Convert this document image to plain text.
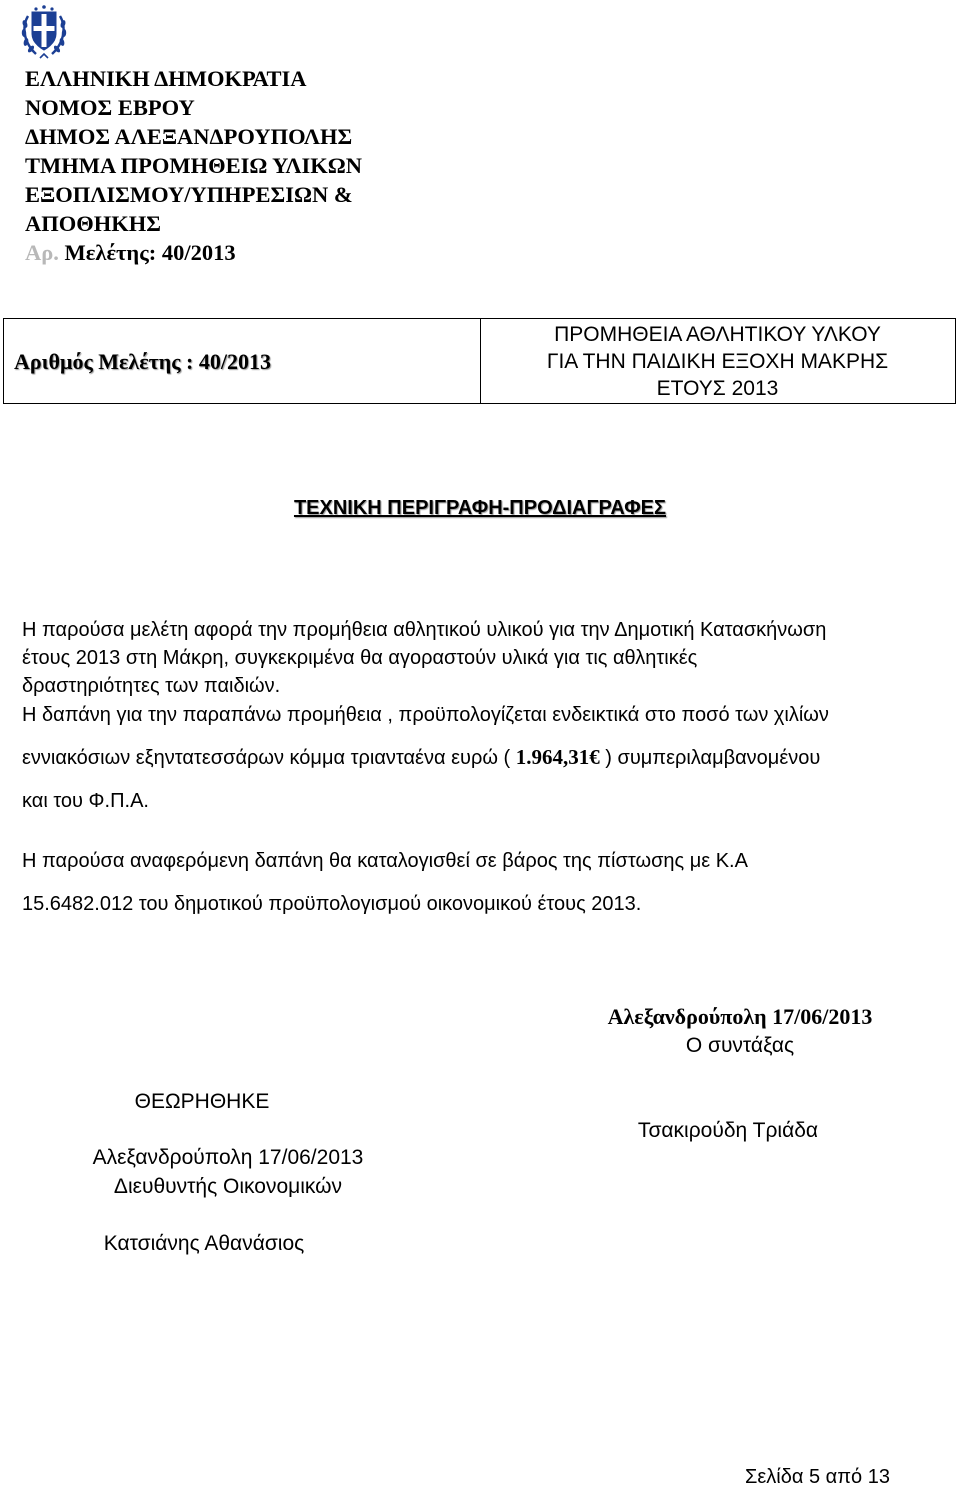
ΕΛΛΗΝΙΚΗ ΔΗΜΟΚΡΑΤΙΑ
ΝΟΜΟΣ ΕΒΡΟΥ
ΔΗΜΟΣ ΑΛΕΞΑΝΔΡΟΥΠΟΛΗΣ
ΤΜΗΜΑ ΠΡΟΜΗΘΕΙΩ ΥΛΙΚΩΝ
ΕΞΟΠΛΙΣΜΟΥ/ΥΠΗΡΕΣΙΩΝ &
ΑΠΟΘΗΚΗΣ
Αρ. Μελέτης: 40/2013
Αριθμός Μελέτης : 40/2013
ΠΡΟΜΗΘΕΙΑ ΑΘΛΗΤΙΚΟΥ ΥΛΚΟΥ
ΓΙΑ ΤΗΝ ΠΑΙΔΙΚΗ ΕΞΟΧΗ ΜΑΚΡΗΣ
ΕΤΟΥΣ 2013
ΤΕΧΝΙΚΗ ΠΕΡΙΓΡΑΦΗ-ΠΡΟΔΙΑΓΡΑΦΕΣ
Η παρούσα μελέτη αφορά την προμήθεια αθλητικού υλικού για την Δημοτική Κατασκήνωση
έτους 2013 στη Μάκρη, συγκεκριμένα θα αγοραστούν υλικά για τις αθλητικές
δραστηριότητες των παιδιών.
Η δαπάνη για την παραπάνω προμήθεια , προϋπολογίζεται ενδεικτικά στο ποσό των χιλίων
εννιακόσιων εξηντατεσσάρων κόμμα τριανταένα ευρώ ( 1.964,31€ ) συμπεριλαμβανομένου
και του Φ.Π.Α.
Η παρούσα αναφερόμενη δαπάνη θα καταλογισθεί σε βάρος της πίστωσης με Κ.Α
15.6482.012 του δημοτικού προϋπολογισμού οικονομικού έτους 2013.
Αλεξανδρούπολη 17/06/2013
Ο συντάξας
Τσακιρούδη Τριάδα
ΘΕΩΡΗΘΗΚΕ
Αλεξανδρούπολη 17/06/2013
Διευθυντής Οικονομικών
Κατσιάνης Αθανάσιος
Σελίδα 5 από 13
